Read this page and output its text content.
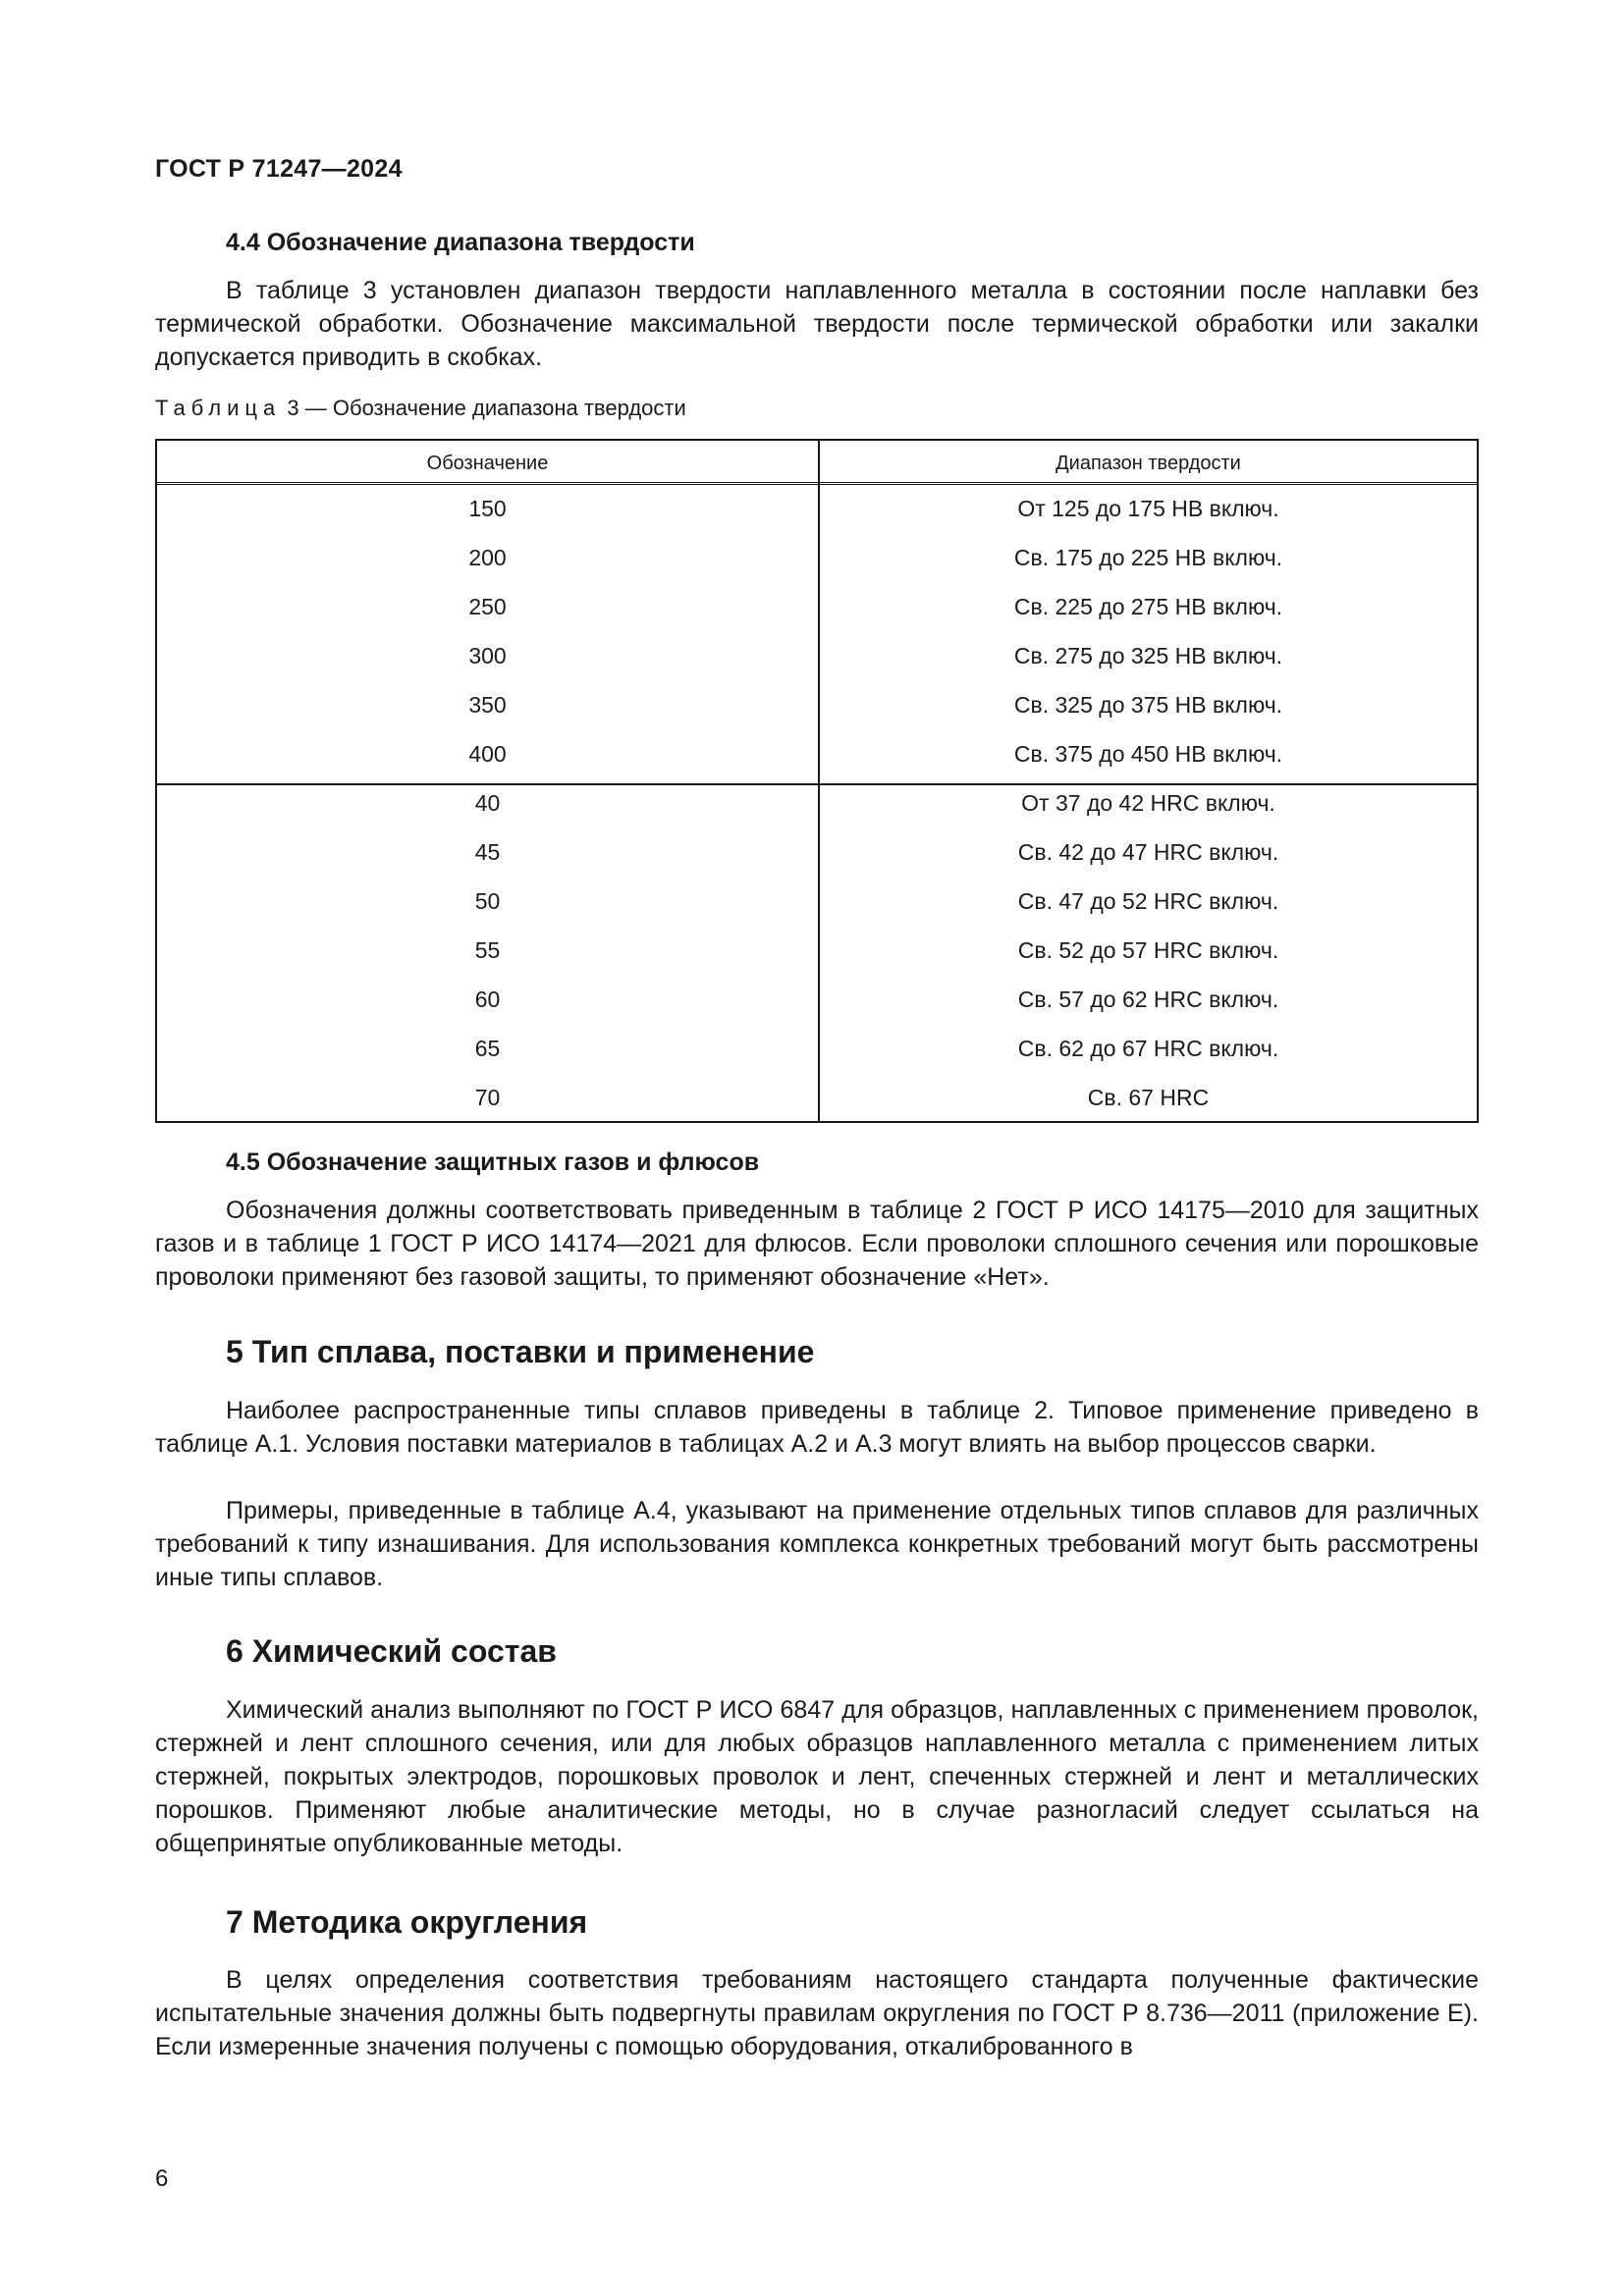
ГОСТ Р 71247—2024
4.4 Обозначение диапазона твердости

В таблице 3 установлен диапазон твердости наплавленного металла в состоянии после наплавки без термической обработки. Обозначение максимальной твердости после термической обработки или закалки допускается приводить в скобках.

Таблица 3 — Обозначение диапазона твердости
Обозначение	Диапазон твердости
150	От 125 до 175 HB включ.
200	Св. 175 до 225 HB включ.
250	Св. 225 до 275 HB включ.
300	Св. 275 до 325 HB включ.
350	Св. 325 до 375 HB включ.
400	Св. 375 до 450 HB включ.
40	От 37 до 42 HRC включ.
45	Св. 42 до 47 HRC включ.
50	Св. 47 до 52 HRC включ.
55	Св. 52 до 57 HRC включ.
60	Св. 57 до 62 HRC включ.
65	Св. 62 до 67 HRC включ.
70	Св. 67 HRC
4.5 Обозначение защитных газов и флюсов

Обозначения должны соответствовать приведенным в таблице 2 ГОСТ Р ИСО 14175—2010 для защитных газов и в таблице 1 ГОСТ Р ИСО 14174—2021 для флюсов. Если проволоки сплошного сечения или порошковые проволоки применяют без газовой защиты, то применяют обозначение «Нет».

5 Тип сплава, поставки и применение

Наиболее распространенные типы сплавов приведены в таблице 2. Типовое применение приведено в таблице А.1. Условия поставки материалов в таблицах А.2 и А.3 могут влиять на выбор процессов сварки.

Примеры, приведенные в таблице А.4, указывают на применение отдельных типов сплавов для различных требований к типу изнашивания. Для использования комплекса конкретных требований могут быть рассмотрены иные типы сплавов.

6 Химический состав

Химический анализ выполняют по ГОСТ Р ИСО 6847 для образцов, наплавленных с применением проволок, стержней и лент сплошного сечения, или для любых образцов наплавленного металла с применением литых стержней, покрытых электродов, порошковых проволок и лент, спеченных стержней и лент и металлических порошков. Применяют любые аналитические методы, но в случае разногласий следует ссылаться на общепринятые опубликованные методы.

7 Методика округления

В целях определения соответствия требованиям настоящего стандарта полученные фактические испытательные значения должны быть подвергнуты правилам округления по ГОСТ Р 8.736—2011 (приложение Е). Если измеренные значения получены с помощью оборудования, откалиброванного в

6
